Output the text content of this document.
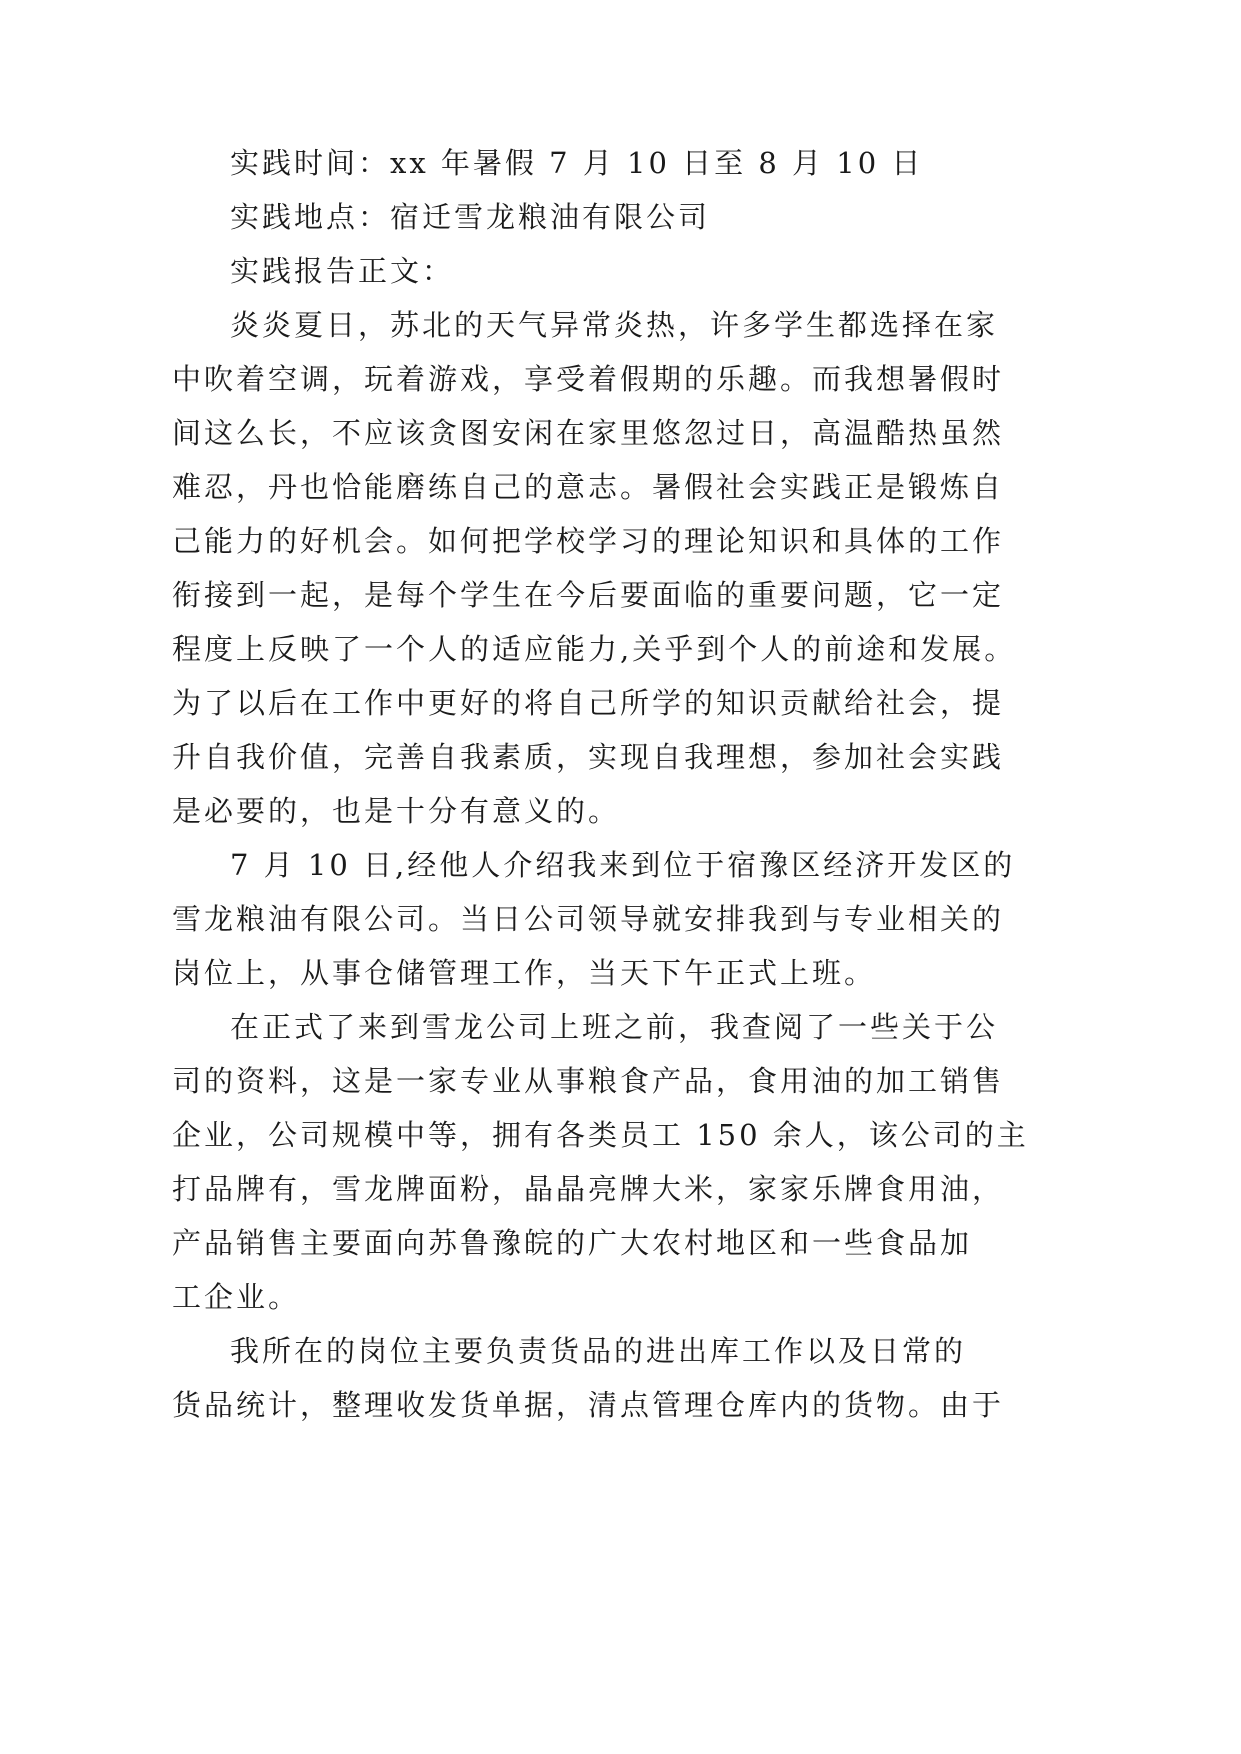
实践时间：xx 年暑假 7 月 10 日至 8 月 10 日
实践地点：宿迁雪龙粮油有限公司
实践报告正文：
炎炎夏日，苏北的天气异常炎热，许多学生都选择在家
中吹着空调，玩着游戏，享受着假期的乐趣。而我想暑假时
间这么长，不应该贪图安闲在家里悠忽过日，高温酷热虽然
难忍，丹也恰能磨练自己的意志。暑假社会实践正是锻炼自
己能力的好机会。如何把学校学习的理论知识和具体的工作
衔接到一起，是每个学生在今后要面临的重要问题，它一定
程度上反映了一个人的适应能力,关乎到个人的前途和发展。
为了以后在工作中更好的将自己所学的知识贡献给社会，提
升自我价值，完善自我素质，实现自我理想，参加社会实践
是必要的，也是十分有意义的。
7 月 10 日,经他人介绍我来到位于宿豫区经济开发区的
雪龙粮油有限公司。当日公司领导就安排我到与专业相关的
岗位上，从事仓储管理工作，当天下午正式上班。
在正式了来到雪龙公司上班之前，我查阅了一些关于公
司的资料，这是一家专业从事粮食产品，食用油的加工销售
企业，公司规模中等，拥有各类员工 150 余人，该公司的主
打品牌有，雪龙牌面粉，晶晶亮牌大米，家家乐牌食用油，
产品销售主要面向苏鲁豫皖的广大农村地区和一些食品加
工企业。
我所在的岗位主要负责货品的进出库工作以及日常的
货品统计，整理收发货单据，清点管理仓库内的货物。由于
